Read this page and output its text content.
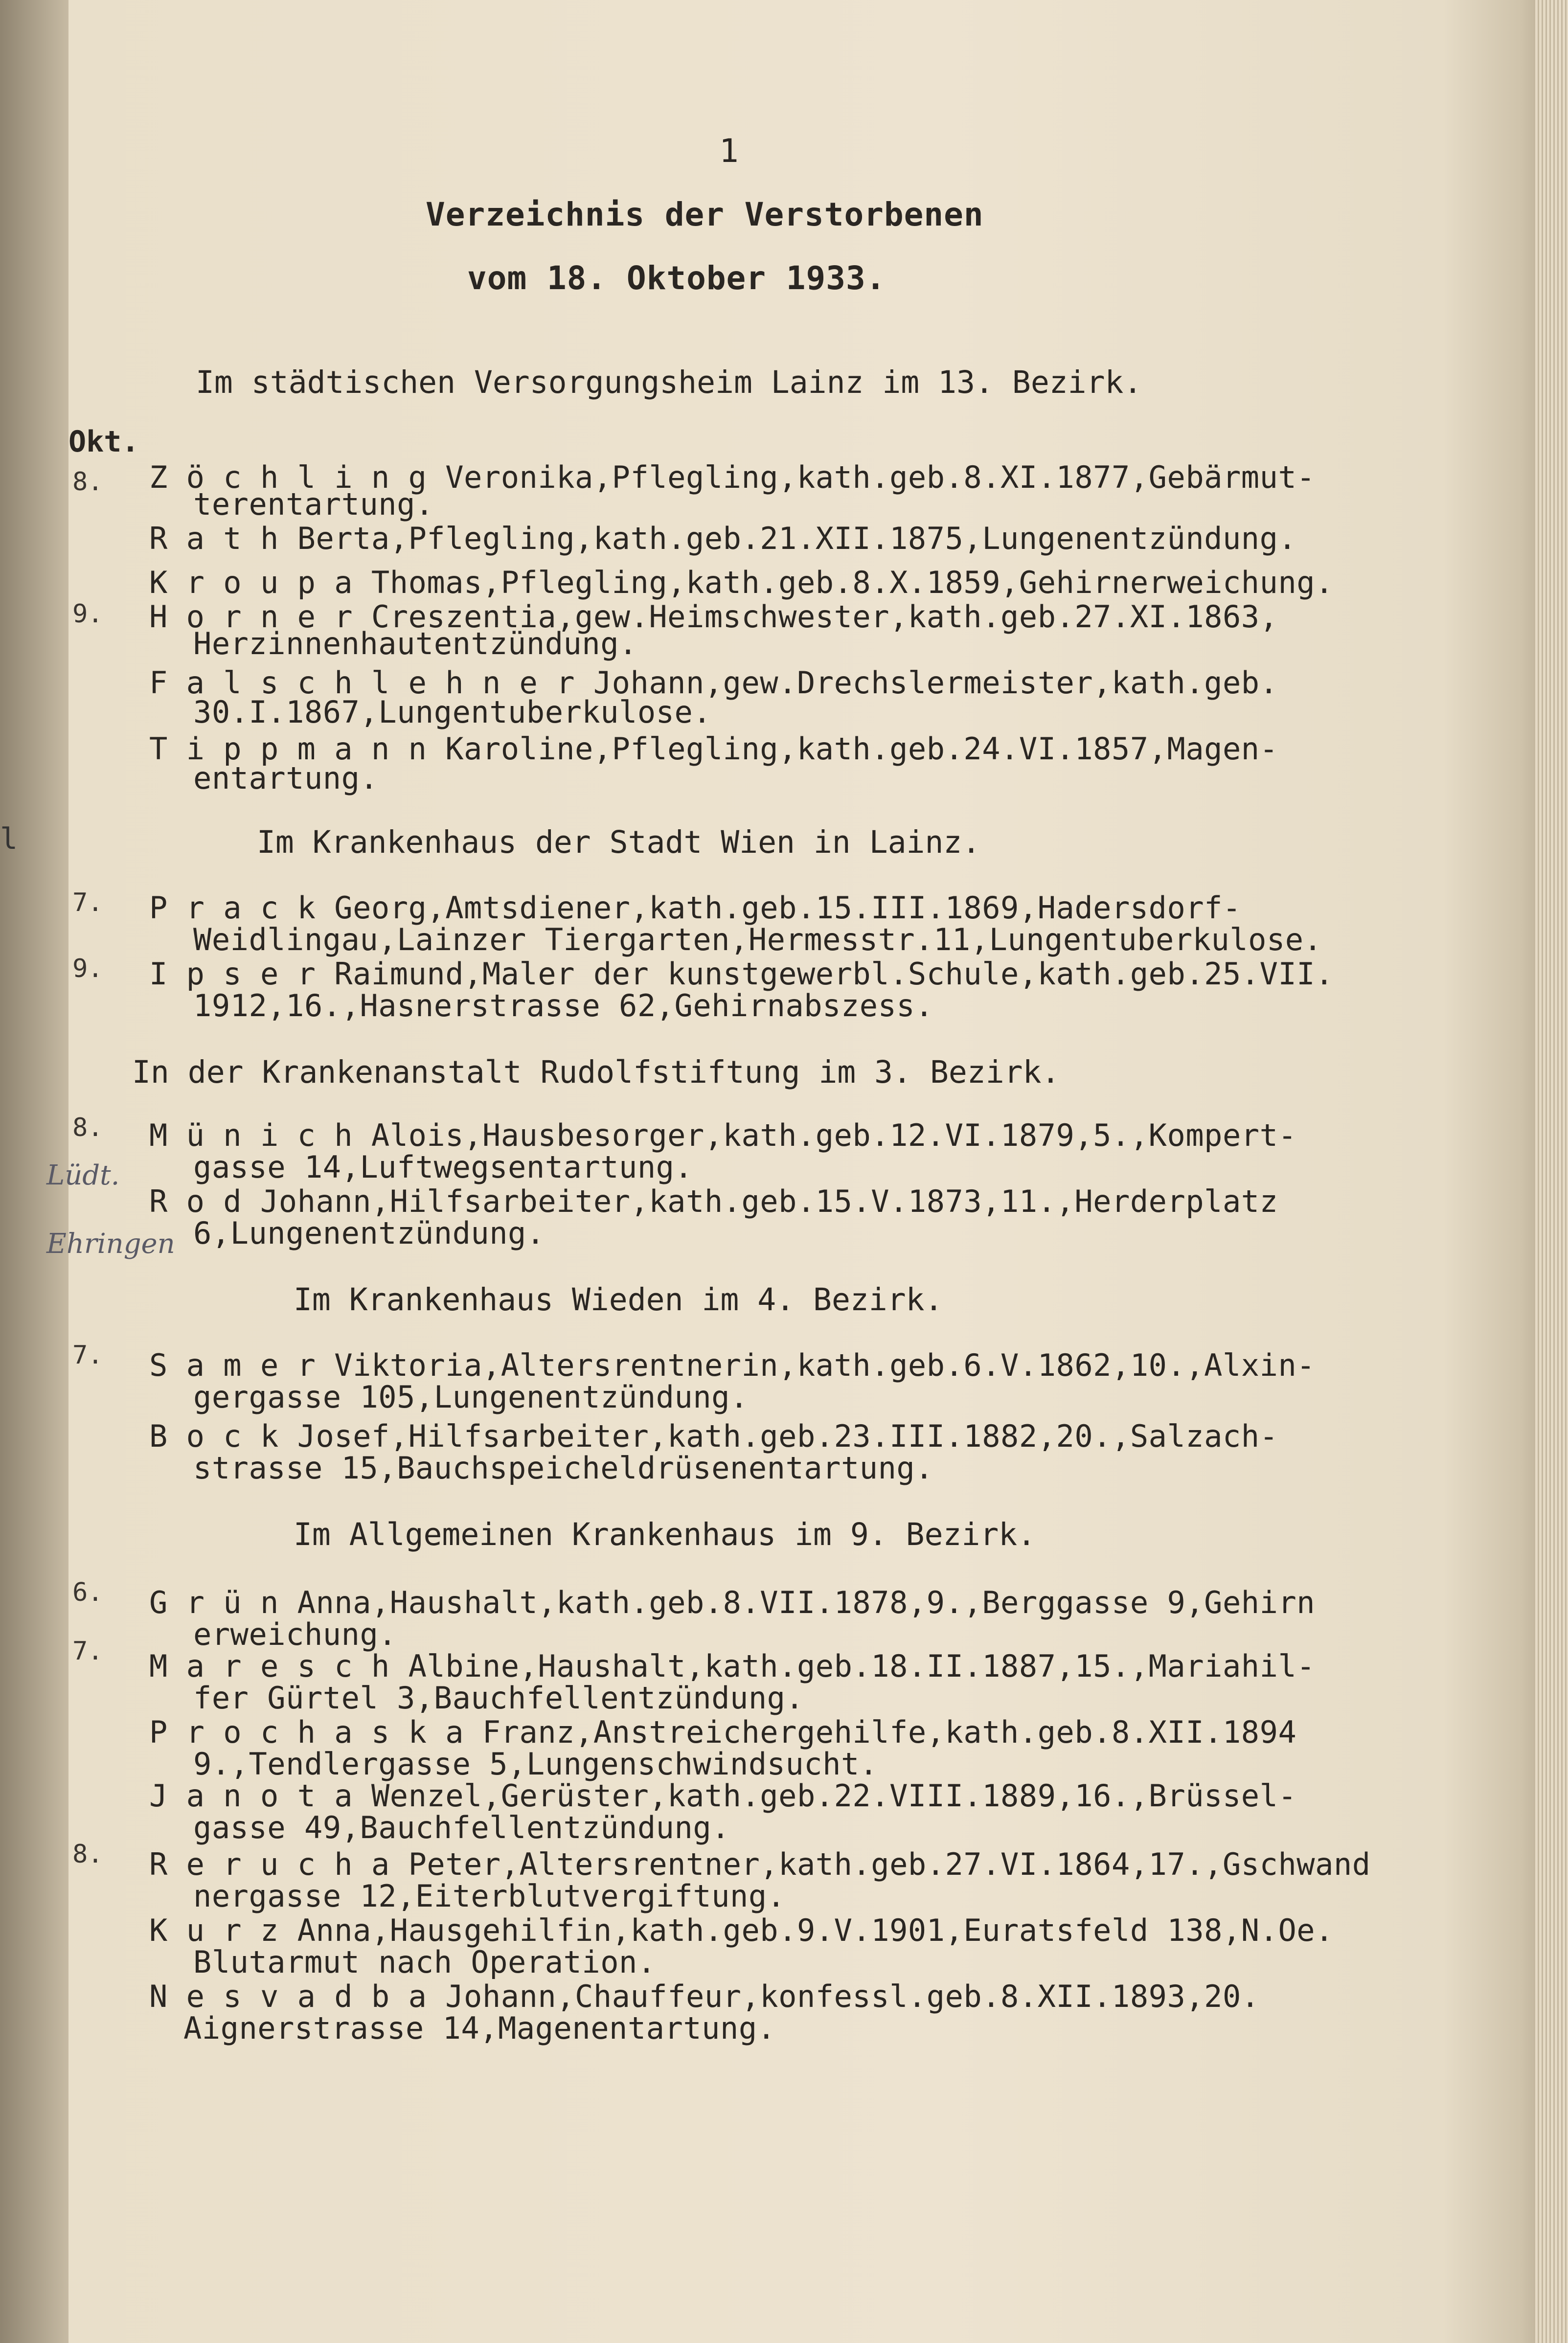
l
1
Verzeichnis der Verstorbenen
vom 18. Oktober 1933.
Im städtischen Versorgungsheim Lainz im 13. Bezirk.
Okt.
8. Z ö c h l i n g Veronika,Pflegling,kath.geb.8.XI.1877,Gebärmut-
terentartung.
R a t h Berta,Pflegling,kath.geb.21.XII.1875,Lungenentzündung.
K r o u p a Thomas,Pflegling,kath.geb.8.X.1859,Gehirnerweichung.
9. H o r n e r Creszentia,gew.Heimschwester,kath.geb.27.XI.1863,
Herzinnenhautentzündung.
F a l s c h l e h n e r Johann,gew.Drechslermeister,kath.geb.
30.I.1867,Lungentuberkulose.
T i p p m a n n Karoline,Pflegling,kath.geb.24.VI.1857,Magen-
entartung.
Im Krankenhaus der Stadt Wien in Lainz.
7. P r a c k Georg,Amtsdiener,kath.geb.15.III.1869,Hadersdorf-
Weidlingau,Lainzer Tiergarten,Hermesstr.11,Lungentuberkulose.
9. I p s e r Raimund,Maler der kunstgewerbl.Schule,kath.geb.25.VII.
1912,16.,Hasnerstrasse 62,Gehirnabszess.
In der Krankenanstalt Rudolfstiftung im 3. Bezirk.
8. M ü n i c h Alois,Hausbesorger,kath.geb.12.VI.1879,5.,Kompert-
gasse 14,Luftwegsentartung.
R o d Johann,Hilfsarbeiter,kath.geb.15.V.1873,11.,Herderplatz
6,Lungenentzündung.
Lüdt.
Ehringen
Im Krankenhaus Wieden im 4. Bezirk.
7. S a m e r Viktoria,Altersrentnerin,kath.geb.6.V.1862,10.,Alxin-
gergasse 105,Lungenentzündung.
B o c k Josef,Hilfsarbeiter,kath.geb.23.III.1882,20.,Salzach-
strasse 15,Bauchspeicheldrüsenentartung.
Im Allgemeinen Krankenhaus im 9. Bezirk.
6. G r ü n Anna,Haushalt,kath.geb.8.VII.1878,9.,Berggasse 9,Gehirn
erweichung.
7. M a r e s c h Albine,Haushalt,kath.geb.18.II.1887,15.,Mariahil-
fer Gürtel 3,Bauchfellentzündung.
P r o c h a s k a Franz,Anstreichergehilfe,kath.geb.8.XII.1894
9.,Tendlergasse 5,Lungenschwindsucht.
J a n o t a Wenzel,Gerüster,kath.geb.22.VIII.1889,16.,Brüssel-
gasse 49,Bauchfellentzündung.
8. R e r u c h a Peter,Altersrentner,kath.geb.27.VI.1864,17.,Gschwand
nergasse 12,Eiterblutvergiftung.
K u r z Anna,Hausgehilfin,kath.geb.9.V.1901,Euratsfeld 138,N.Oe.
Blutarmut nach Operation.
N e s v a d b a Johann,Chauffeur,konfessl.geb.8.XII.1893,20.
Aignerstrasse 14,Magenentartung.
